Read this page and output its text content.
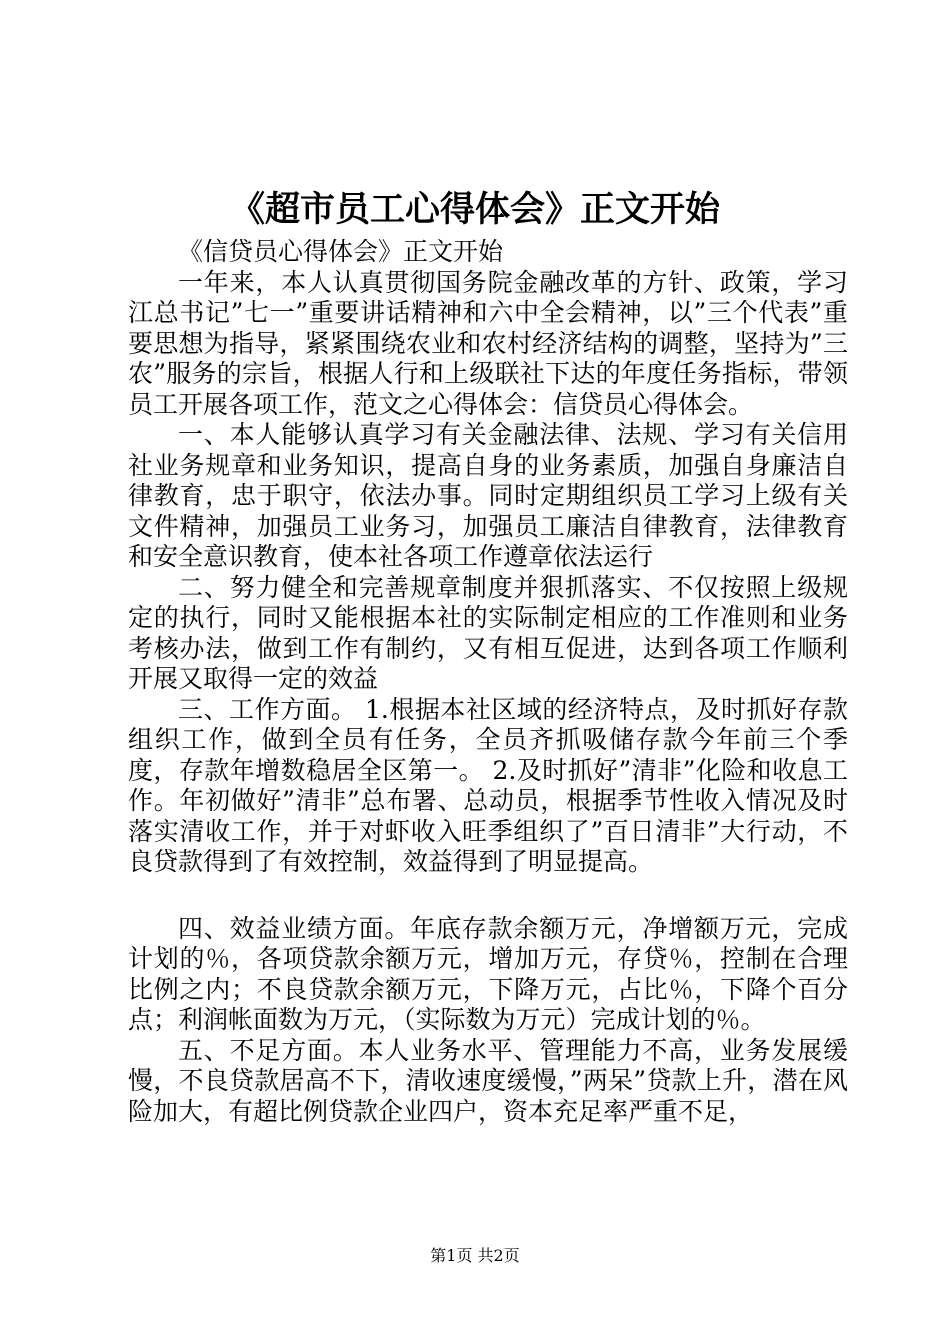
《超市员工心得体会》正文开始

《信贷员心得体会》正文开始

一年来，本人认真贯彻国务院金融改革的方针、政策，学习江总书记”七一”重要讲话精神和六中全会精神，以”三个代表”重要思想为指导，紧紧围绕农业和农村经济结构的调整，坚持为”三农”服务的宗旨，根据人行和上级联社下达的年度任务指标，带领员工开展各项工作，范文之心得体会：信贷员心得体会。

一、本人能够认真学习有关金融法律、法规、学习有关信用社业务规章和业务知识，提高自身的业务素质，加强自身廉洁自律教育，忠于职守，依法办事。同时定期组织员工学习上级有关文件精神，加强员工业务习，加强员工廉洁自律教育，法律教育和安全意识教育，使本社各项工作遵章依法运行

二、努力健全和完善规章制度并狠抓落实、不仅按照上级规定的执行，同时又能根据本社的实际制定相应的工作准则和业务考核办法，做到工作有制约，又有相互促进，达到各项工作顺利开展又取得一定的效益

三、工作方面。 1.根据本社区域的经济特点，及时抓好存款组织工作，做到全员有任务，全员齐抓吸储存款今年前三个季度，存款年增数稳居全区第一。 2.及时抓好”清非”化险和收息工作。年初做好”清非”总布署、总动员，根据季节性收入情况及时落实清收工作，并于对虾收入旺季组织了”百日清非”大行动，不良贷款得到了有效控制，效益得到了明显提高。

四、效益业绩方面。年底存款余额万元，净增额万元，完成计划的％，各项贷款余额万元，增加万元，存贷％，控制在合理比例之内；不良贷款余额万元，下降万元，占比％，下降个百分点；利润帐面数为万元，（实际数为万元）完成计划的％。

五、不足方面。本人业务水平、管理能力不高，业务发展缓慢，不良贷款居高不下，清收速度缓慢，”两呆”贷款上升，潜在风险加大，有超比例贷款企业四户，资本充足率严重不足，

第1页 共2页
